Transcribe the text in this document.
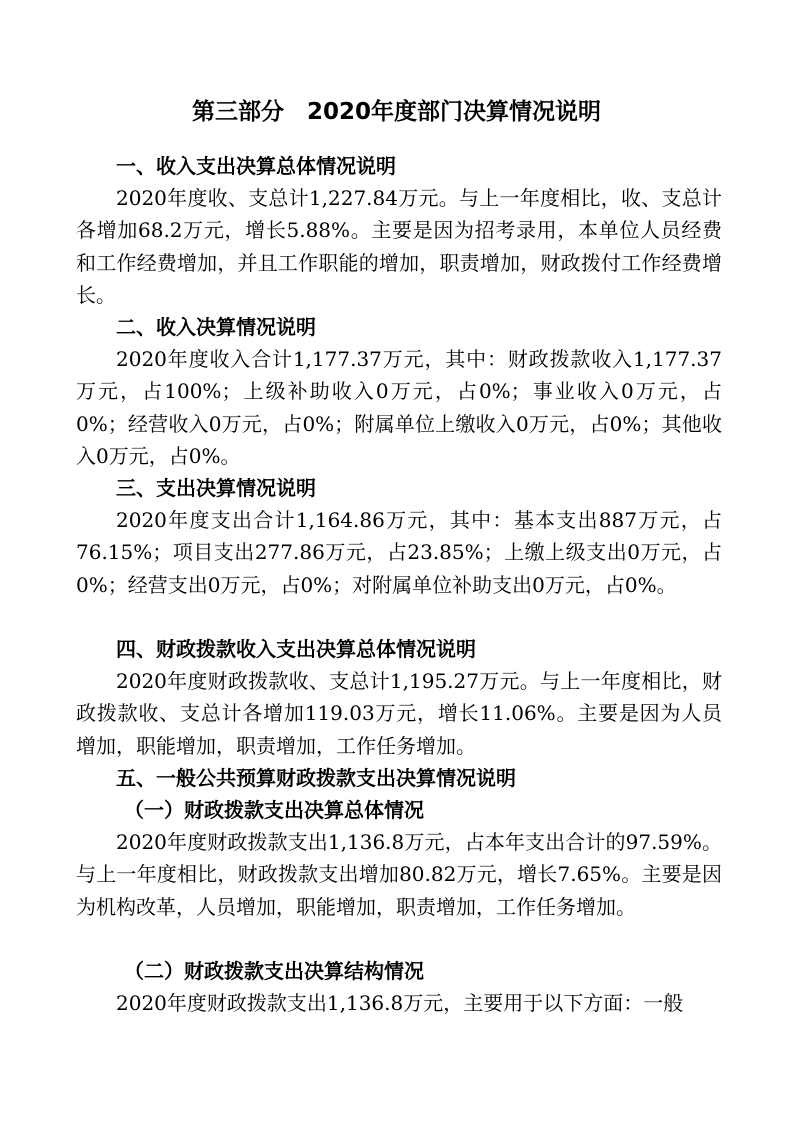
第三部分　2020年度部门决算情况说明
一、收入支出决算总体情况说明
2020年度收、支总计1,227.84万元。与上一年度相比，收、支总计各增加68.2万元，增长5.88%。主要是因为招考录用，本单位人员经费和工作经费增加，并且工作职能的增加，职责增加，财政拨付工作经费增长。
二、收入决算情况说明
2020年度收入合计1,177.37万元，其中：财政拨款收入1,177.37万元，占100%；上级补助收入0万元，占0%；事业收入0万元，占0%；经营收入0万元，占0%；附属单位上缴收入0万元，占0%；其他收入0万元，占0%。
三、支出决算情况说明
2020年度支出合计1,164.86万元，其中：基本支出887万元，占76.15%；项目支出277.86万元，占23.85%；上缴上级支出0万元，占0%；经营支出0万元，占0%；对附属单位补助支出0万元，占0%。
四、财政拨款收入支出决算总体情况说明
2020年度财政拨款收、支总计1,195.27万元。与上一年度相比，财政拨款收、支总计各增加119.03万元，增长11.06%。主要是因为人员增加，职能增加，职责增加，工作任务增加。
五、一般公共预算财政拨款支出决算情况说明
（一）财政拨款支出决算总体情况
2020年度财政拨款支出1,136.8万元，占本年支出合计的97.59%。与上一年度相比，财政拨款支出增加80.82万元，增长7.65%。主要是因为机构改革，人员增加，职能增加，职责增加，工作任务增加。
（二）财政拨款支出决算结构情况
2020年度财政拨款支出1,136.8万元，主要用于以下方面：一般
